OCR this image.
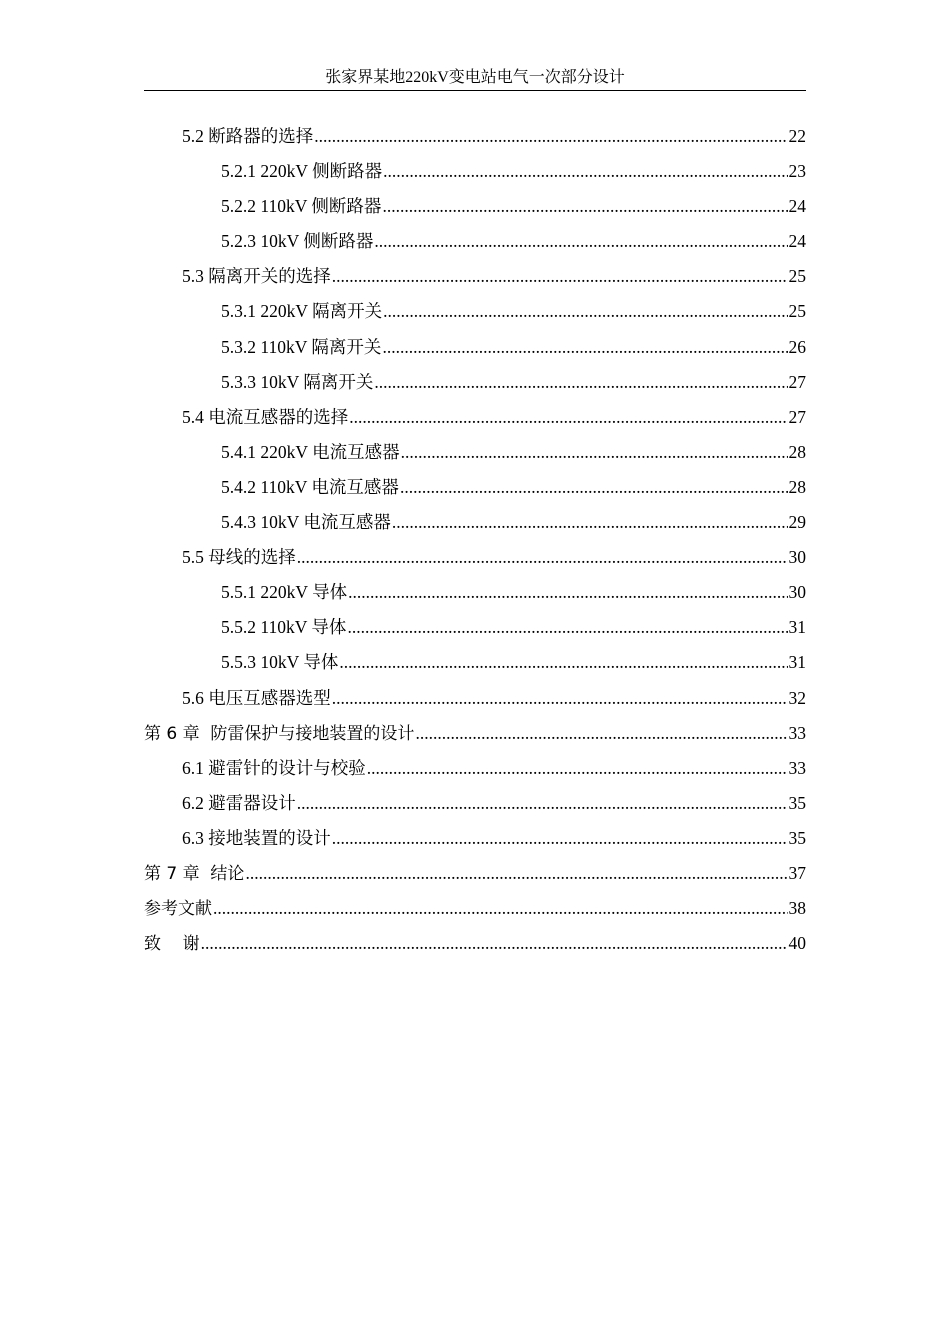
张家界某地220kV变电站电气一次部分设计
5.2 断路器的选择 .....	22
5.2.1 220kV 侧断路器 .....	23
5.2.2 110kV 侧断路器 .....	24
5.2.3 10kV 侧断路器 .....	24
5.3 隔离开关的选择 .....	25
5.3.1 220kV 隔离开关 .....	25
5.3.2 110kV 隔离开关 .....	26
5.3.3 10kV 隔离开关 .....	27
5.4 电流互感器的选择 .....	27
5.4.1 220kV 电流互感器 .....	28
5.4.2 110kV 电流互感器 .....	28
5.4.3 10kV 电流互感器 .....	29
5.5 母线的选择 .....	30
5.5.1 220kV 导体 .....	30
5.5.2 110kV 导体 .....	31
5.5.3 10kV 导体 .....	31
5.6 电压互感器选型 .....	32
第 6 章  防雷保护与接地装置的设计 .....	33
6.1 避雷针的设计与校验 .....	33
6.2 避雷器设计 .....	35
6.3 接地装置的设计 .....	35
第 7 章  结论 .....	37
参考文献 .....	38
致    谢 .....	40
